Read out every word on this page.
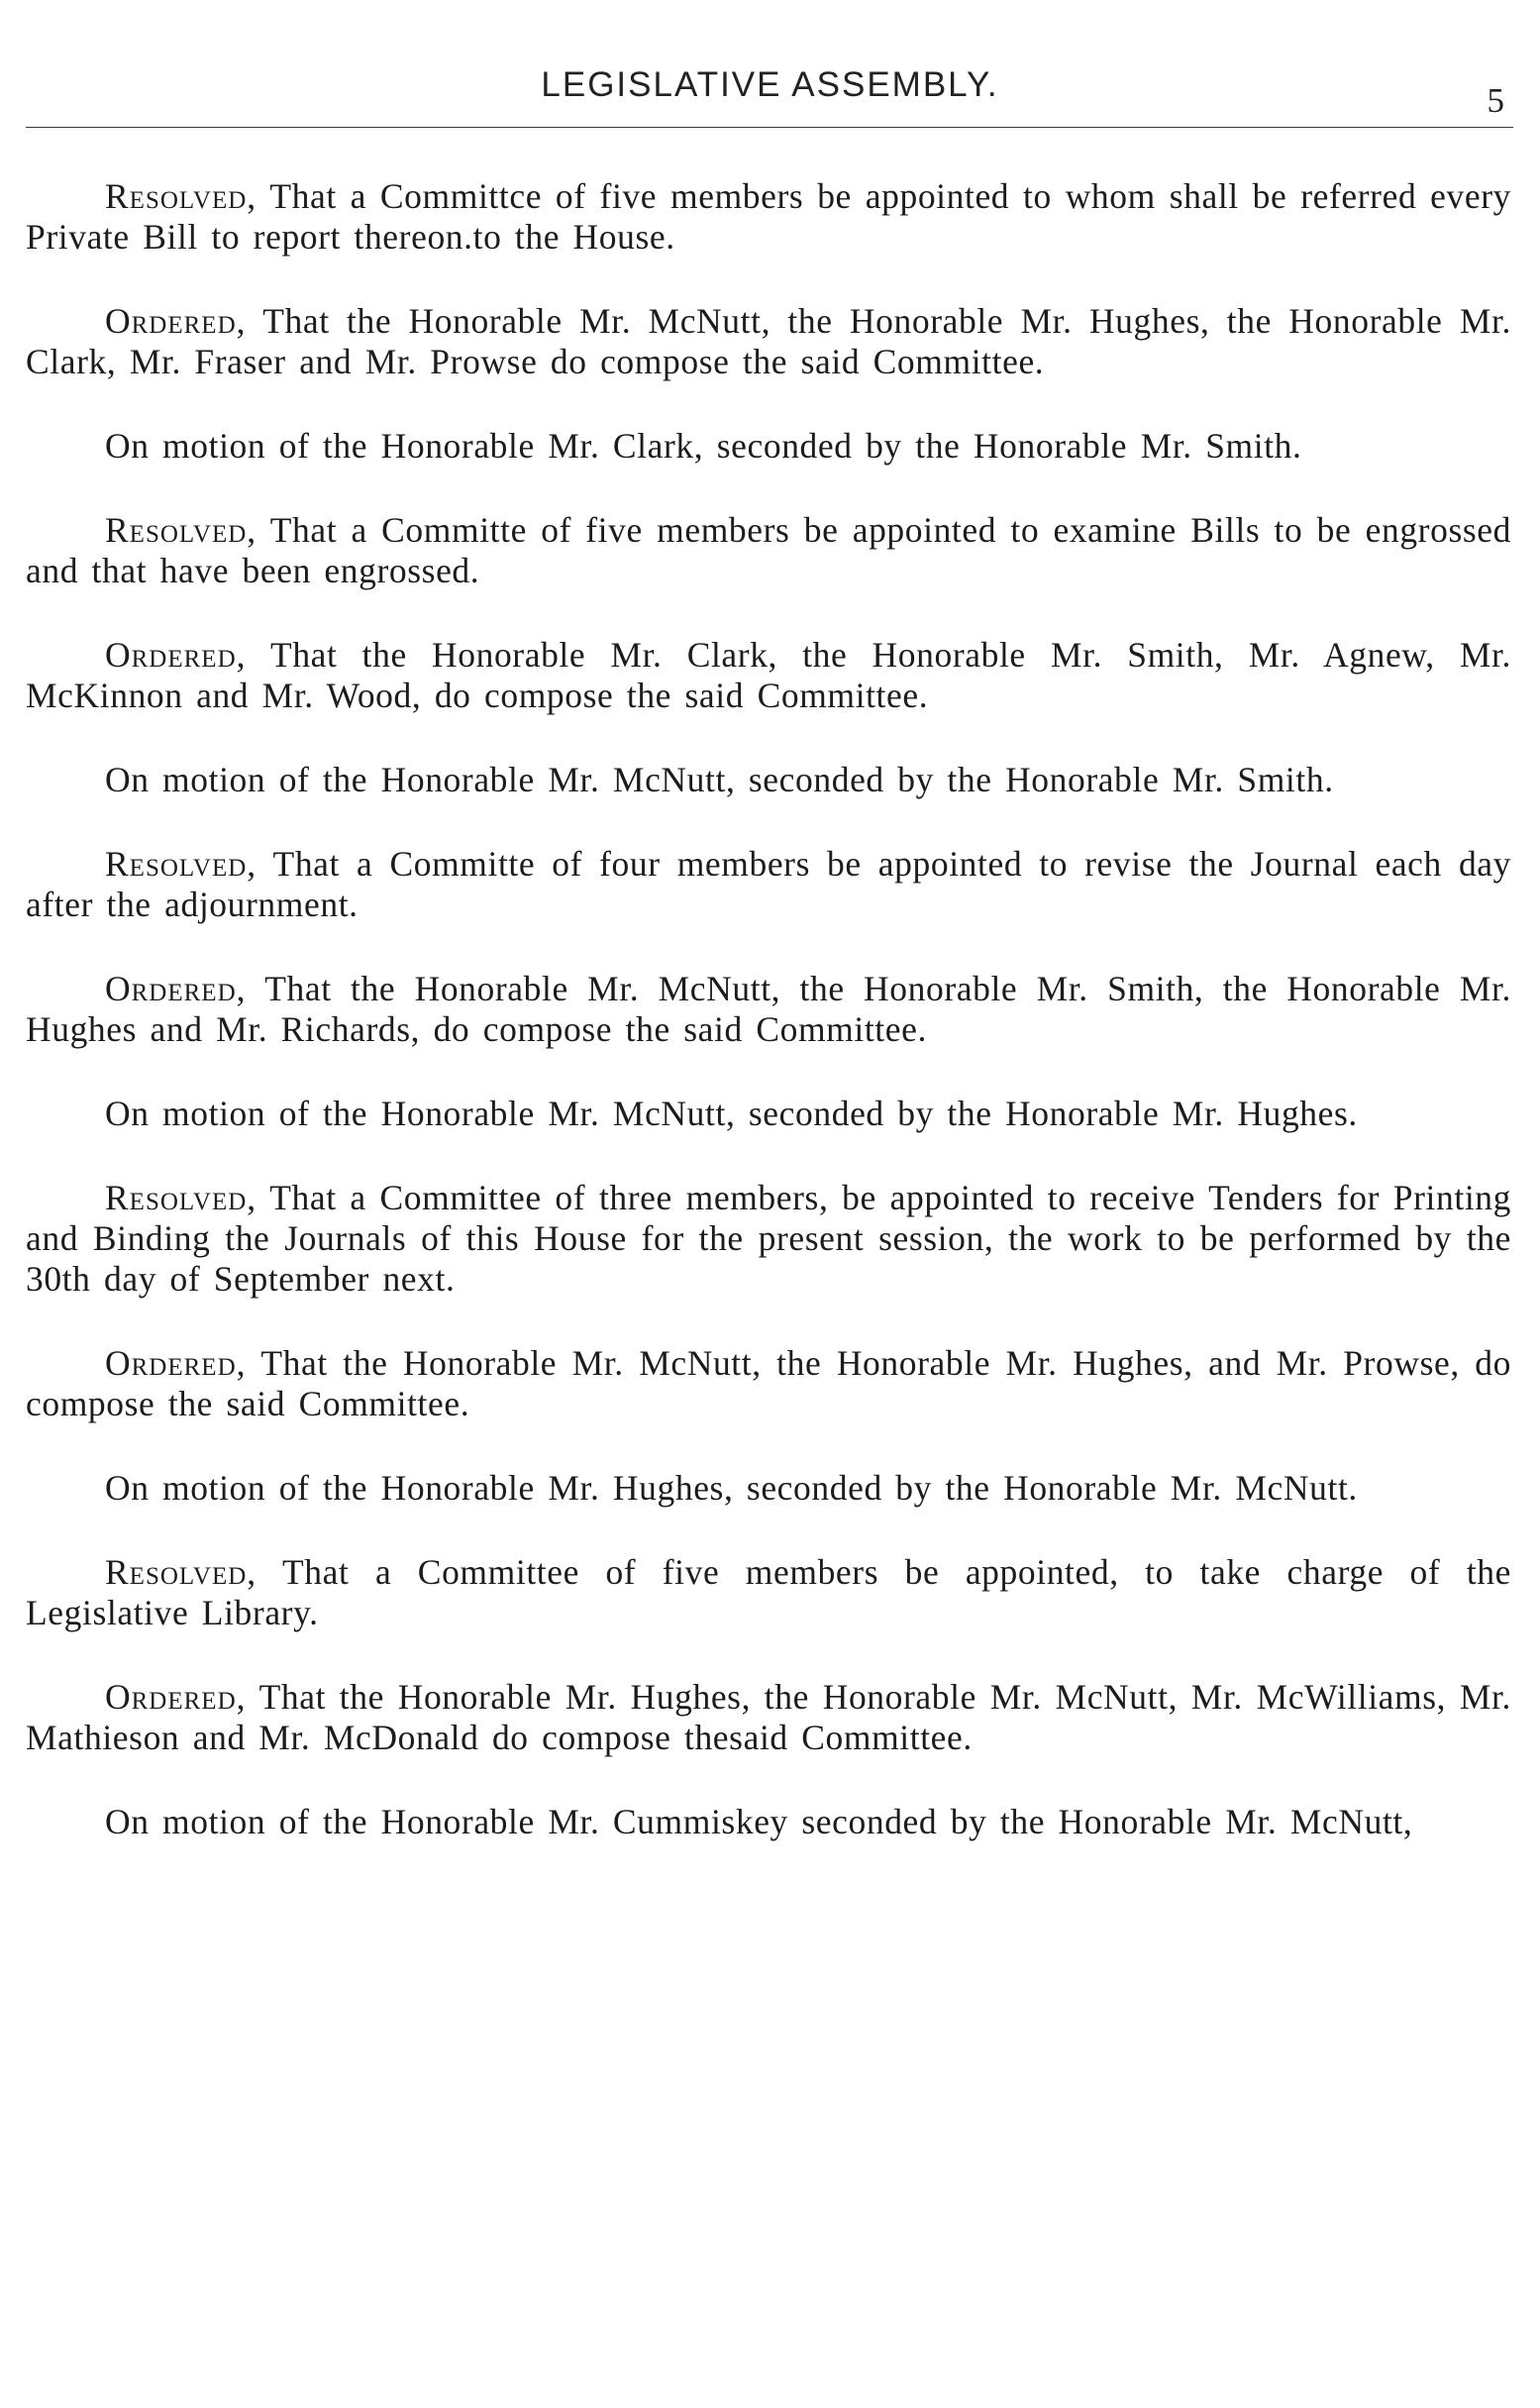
LEGISLATIVE ASSEMBLY.	5

Resolved, That a Committce of five members be appointed to whom shall be referred every Private Bill to report thereon.to the House.

Ordered, That the Honorable Mr. McNutt, the Honorable Mr. Hughes, the Honorable Mr. Clark, Mr. Fraser and Mr. Prowse do compose the said Committee.

On motion of the Honorable Mr. Clark, seconded by the Honorable Mr. Smith.

Resolved, That a Committe of five members be appointed to examine Bills to be engrossed and that have been engrossed.

Ordered, That the Honorable Mr. Clark, the Honorable Mr. Smith, Mr. Agnew, Mr. McKinnon and Mr. Wood, do compose the said Committee.

On motion of the Honorable Mr. McNutt, seconded by the Honorable Mr. Smith.

Resolved, That a Committe of four members be appointed to revise the Journal each day after the adjournment.

Ordered, That the Honorable Mr. McNutt, the Honorable Mr. Smith, the Honorable Mr. Hughes and Mr. Richards, do compose the said Committee.

On motion of the Honorable Mr. McNutt, seconded by the Honorable Mr. Hughes.

Resolved, That a Committee of three members, be appointed to receive Tenders for Printing and Binding the Journals of this House for the present session, the work to be performed by the 30th day of September next.

Ordered, That the Honorable Mr. McNutt, the Honorable Mr. Hughes, and Mr. Prowse, do compose the said Committee.

On motion of the Honorable Mr. Hughes, seconded by the Honorable Mr. McNutt.

Resolved, That a Committee of five members be appointed, to take charge of the Legislative Library.

Ordered, That the Honorable Mr. Hughes, the Honorable Mr. McNutt, Mr. McWilliams, Mr. Mathieson and Mr. McDonald do compose thesaid Committee.

On motion of the Honorable Mr. Cummiskey seconded by the Honorable Mr. McNutt,
